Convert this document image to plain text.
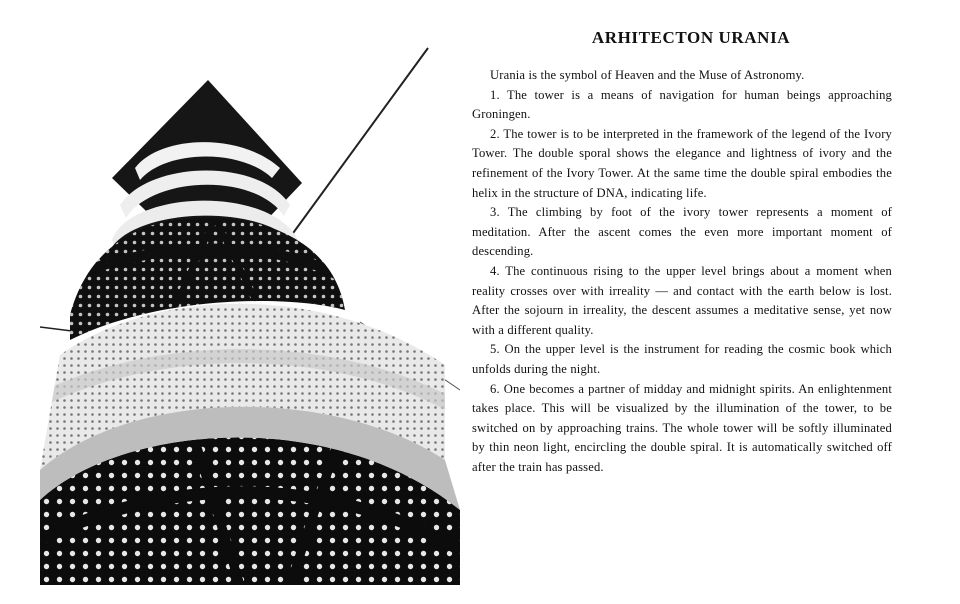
ARHITECTON URANIA

Urania is the symbol of Heaven and the Muse of Astronomy.

1. The tower is a means of navigation for human beings approaching Groningen.

2. The tower is to be interpreted in the framework of the legend of the Ivory Tower. The double sporal shows the elegance and lightness of ivory and the refinement of the Ivory Tower. At the same time the double spiral embodies the helix in the structure of DNA, indicating life.

3. The climbing by foot of the ivory tower represents a moment of meditation. After the ascent comes the even more important moment of descending.

4. The continuous rising to the upper level brings about a moment when reality crosses over with irreality — and contact with the earth below is lost. After the sojourn in irreality, the descent assumes a meditative sense, yet now with a different quality.

5. On the upper level is the instrument for reading the cosmic book which unfolds during the night.

6. One becomes a partner of midday and midnight spirits. An enlightenment takes place. This will be visualized by the illumination of the tower, to be switched on by approaching trains. The whole tower will be softly illuminated by thin neon light, encircling the double spiral. It is automatically switched off after the train has passed.
